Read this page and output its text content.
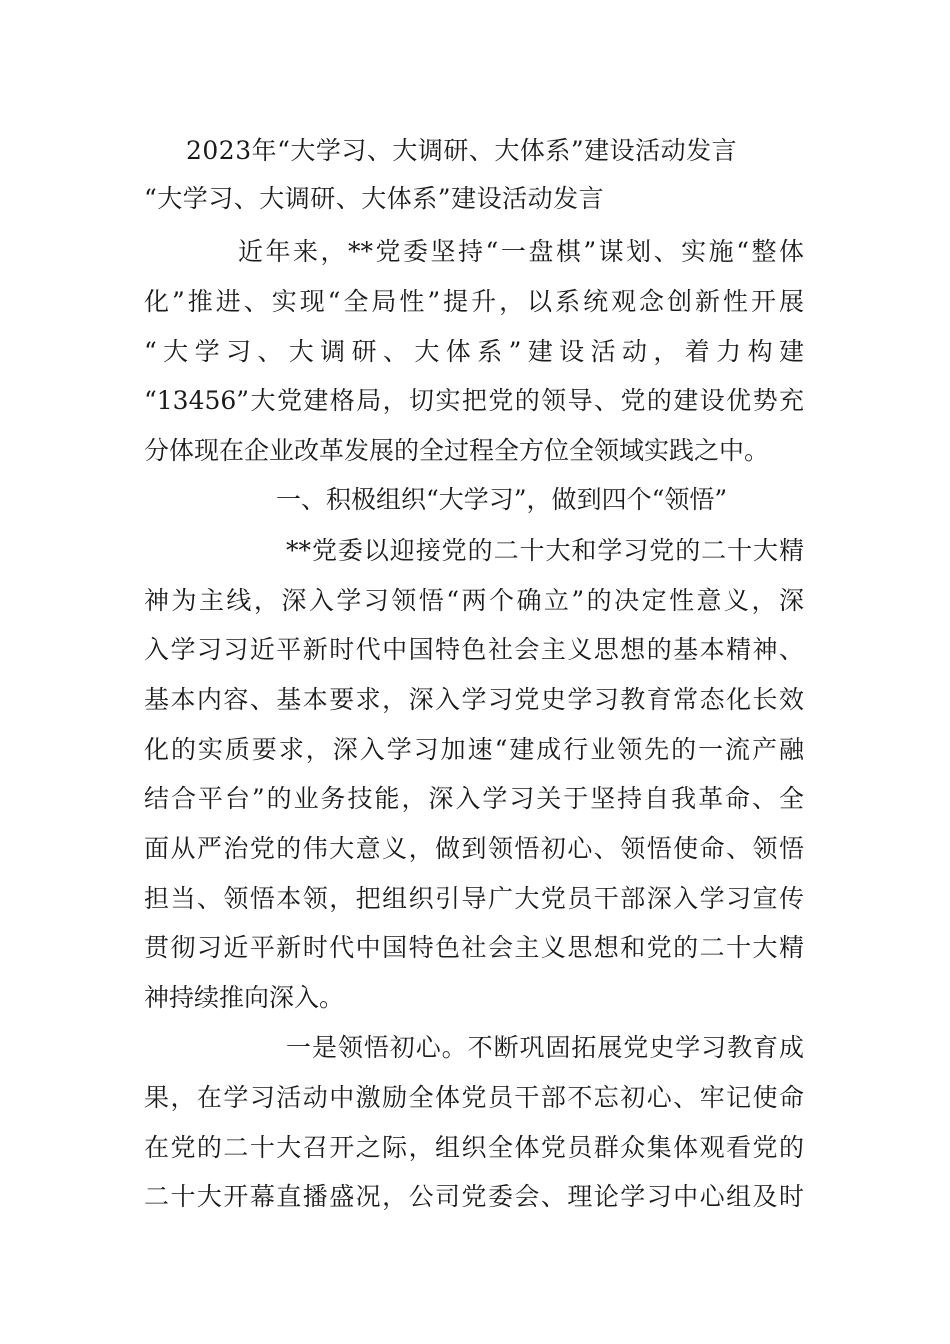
2023年“大学习、大调研、大体系”建设活动发言
“大学习、大调研、大体系”建设活动发言
近年来，**党委坚持“一盘棋”谋划、实施“整体
化”推进、实现“全局性”提升，以系统观念创新性开展
“大学习、大调研、大体系”建设活动，着力构建
“13456”大党建格局，切实把党的领导、党的建设优势充
分体现在企业改革发展的全过程全方位全领域实践之中。
一、积极组织“大学习”，做到四个“领悟”
**党委以迎接党的二十大和学习党的二十大精
神为主线，深入学习领悟“两个确立”的决定性意义，深
入学习习近平新时代中国特色社会主义思想的基本精神、
基本内容、基本要求，深入学习党史学习教育常态化长效
化的实质要求，深入学习加速“建成行业领先的一流产融
结合平台”的业务技能，深入学习关于坚持自我革命、全
面从严治党的伟大意义，做到领悟初心、领悟使命、领悟
担当、领悟本领，把组织引导广大党员干部深入学习宣传
贯彻习近平新时代中国特色社会主义思想和党的二十大精
神持续推向深入。
一是领悟初心。不断巩固拓展党史学习教育成
果，在学习活动中激励全体党员干部不忘初心、牢记使命
在党的二十大召开之际，组织全体党员群众集体观看党的
二十大开幕直播盛况，公司党委会、理论学习中心组及时
